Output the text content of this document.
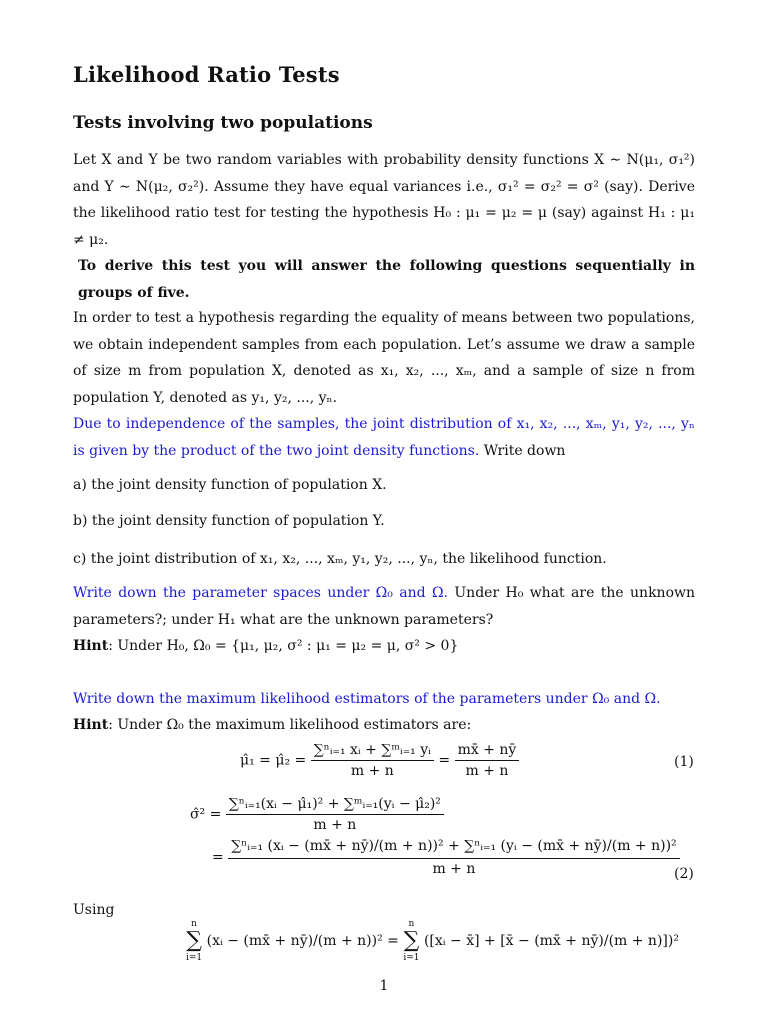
Likelihood Ratio Tests
Tests involving two populations
Let X and Y be two random variables with probability density functions X ∼ N(μ₁, σ₁²) and Y ∼ N(μ₂, σ₂²). Assume they have equal variances i.e., σ₁² = σ₂² = σ² (say). Derive the likelihood ratio test for testing the hypothesis H₀ : μ₁ = μ₂ = μ (say) against H₁ : μ₁ ≠ μ₂.
To derive this test you will answer the following questions sequentially in groups of five.
In order to test a hypothesis regarding the equality of means between two populations, we obtain independent samples from each population. Let’s assume we draw a sample of size m from population X, denoted as x₁, x₂, ..., xₘ, and a sample of size n from population Y, denoted as y₁, y₂, ..., yₙ.
Due to independence of the samples, the joint distribution of x₁, x₂, ..., xₘ, y₁, y₂, ..., yₙ is given by the product of the two joint density functions. Write down
a) the joint density function of population X.
b) the joint density function of population Y.
c) the joint distribution of x₁, x₂, ..., xₘ, y₁, y₂, ..., yₙ, the likelihood function.
Write down the parameter spaces under Ω₀ and Ω. Under H₀ what are the unknown parameters?; under H₁ what are the unknown parameters?
Hint: Under H₀, Ω₀ = {μ₁, μ₂, σ² : μ₁ = μ₂ = μ, σ² > 0}
Write down the maximum likelihood estimators of the parameters under Ω₀ and Ω.
Hint: Under Ω₀ the maximum likelihood estimators are:
μ̂₁ = μ̂₂ = $\frac{\text{∑ⁿᵢ₌₁ xᵢ + ∑ᵐᵢ₌₁ yᵢ}}{m + n} = \frac{mx̄ + nȳ}{m + n}$	(1)
σ̂² = $\frac{\text{∑ⁿᵢ₌₁(xᵢ − μ̂₁)² + ∑ᵐᵢ₌₁(yᵢ − μ̂₂)²}}{m + n}$
=
∑ⁿᵢ₌₁ (xᵢ − (mx̄ + nȳ)/(m + n))² + ∑ⁿᵢ₌₁ (yᵢ − (mx̄ + nȳ)/(m + n))²
m + n	(2)
Using
n
∑
i=1
(xᵢ − (mx̄ + nȳ)/(m + n))² =
n
∑
i=1
([xᵢ − x̄] + [x̄ − (mx̄ + nȳ)/(m + n)])²
1
